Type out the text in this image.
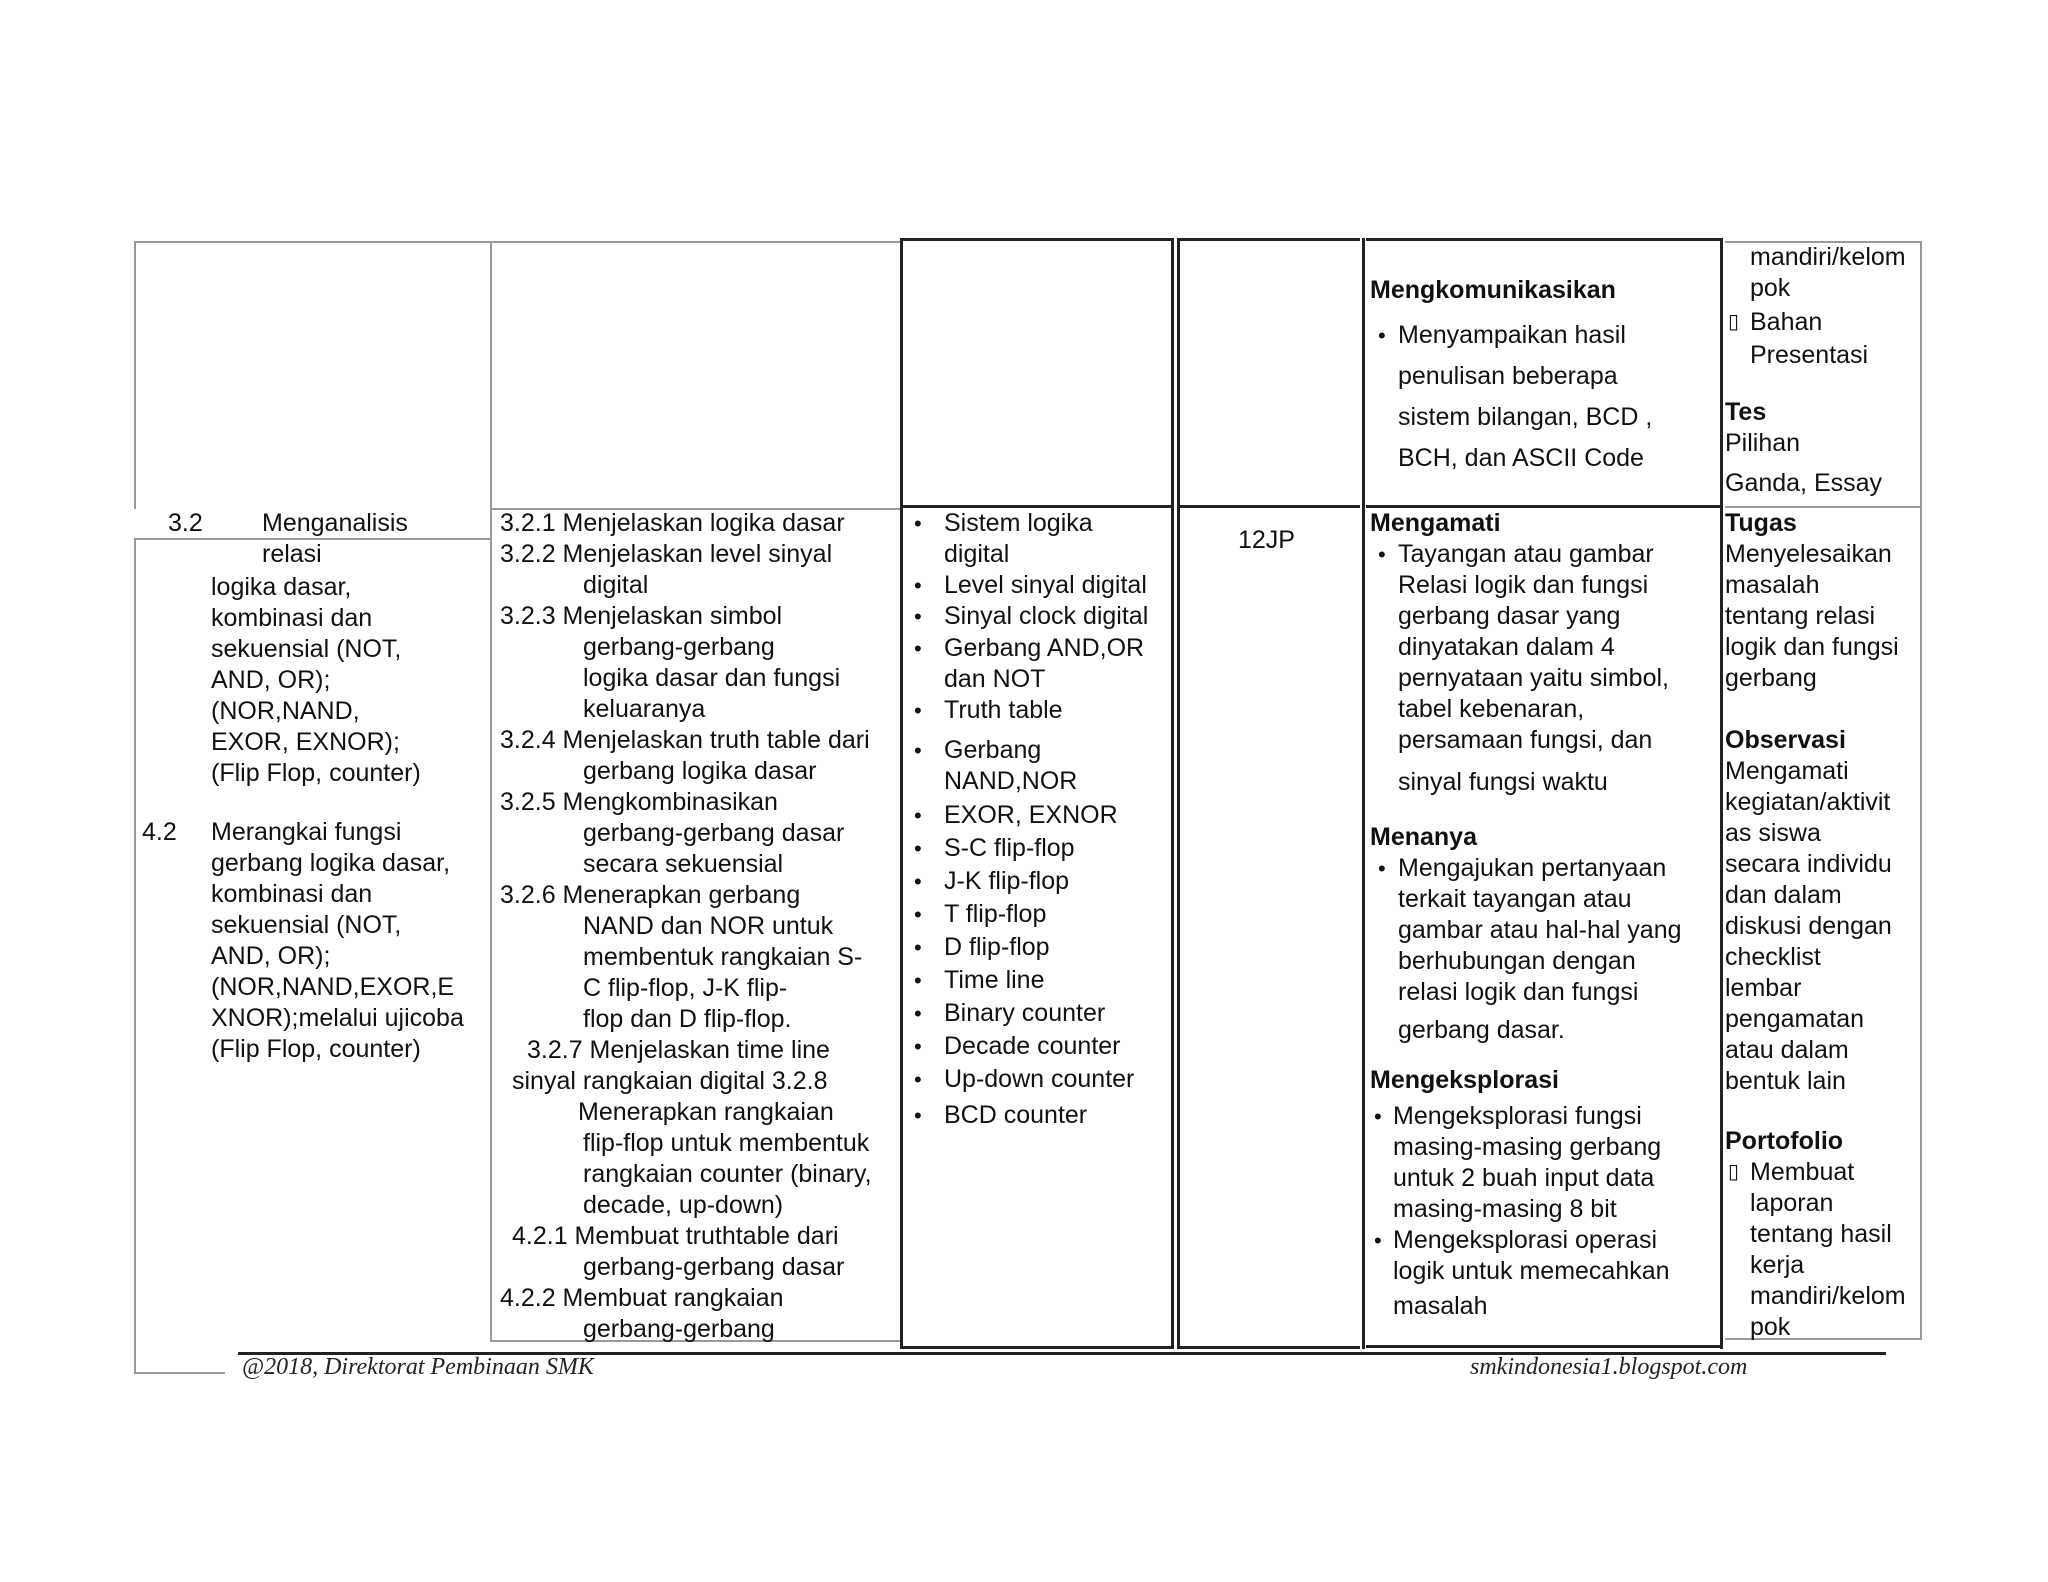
3.2 Menganalisis
relasi
logika dasar,
kombinasi dan
sekuensial (NOT,
AND, OR);
(NOR,NAND,
EXOR, EXNOR);
(Flip Flop, counter)
4.2 Merangkai fungsi
gerbang logika dasar,
kombinasi dan
sekuensial (NOT,
AND, OR);
(NOR,NAND,EXOR,E
XNOR);melalui ujicoba
(Flip Flop, counter)
3.2.1 Menjelaskan logika dasar
3.2.2 Menjelaskan level sinyal
digital
3.2.3 Menjelaskan simbol
gerbang-gerbang
logika dasar dan fungsi
keluaranya
3.2.4 Menjelaskan truth table dari
gerbang logika dasar
3.2.5 Mengkombinasikan
gerbang-gerbang dasar
secara sekuensial
3.2.6 Menerapkan gerbang
NAND dan NOR untuk
membentuk rangkaian S-
C flip-flop, J-K flip-
flop dan D flip-flop.
3.2.7 Menjelaskan time line
sinyal rangkaian digital 3.2.8
Menerapkan rangkaian
flip-flop untuk membentuk
rangkaian counter (binary,
decade, up-down)
4.2.1 Membuat truthtable dari
gerbang-gerbang dasar
4.2.2 Membuat rangkaian
gerbang-gerbang
• Sistem logika
digital
• Level sinyal digital
• Sinyal clock digital
• Gerbang AND,OR
dan NOT
• Truth table
• Gerbang
NAND,NOR
• EXOR, EXNOR
• S-C flip-flop
• J-K flip-flop
• T flip-flop
• D flip-flop
• Time line
• Binary counter
• Decade counter
• Up-down counter
• BCD counter
12JP
Mengkomunikasikan
• Menyampaikan hasil
penulisan beberapa
sistem bilangan, BCD ,
BCH, dan ASCII Code
Mengamati
• Tayangan atau gambar
Relasi logik dan fungsi
gerbang dasar yang
dinyatakan dalam 4
pernyataan yaitu simbol,
tabel kebenaran,
persamaan fungsi, dan
sinyal fungsi waktu
Menanya
• Mengajukan pertanyaan
terkait tayangan atau
gambar atau hal-hal yang
berhubungan dengan
relasi logik dan fungsi
gerbang dasar.
Mengeksplorasi
• Mengeksplorasi fungsi
masing-masing gerbang
untuk 2 buah input data
masing-masing 8 bit
• Mengeksplorasi operasi
logik untuk memecahkan
masalah
mandiri/kelom
pok
▯ Bahan
Presentasi
Tes
Pilihan
Ganda, Essay
Tugas
Menyelesaikan
masalah
tentang relasi
logik dan fungsi
gerbang
Observasi
Mengamati
kegiatan/aktivit
as siswa
secara individu
dan dalam
diskusi dengan
checklist
lembar
pengamatan
atau dalam
bentuk lain
Portofolio
▯ Membuat
laporan
tentang hasil
kerja
mandiri/kelom
pok
@2018, Direktorat Pembinaan SMK	smkindonesia1.blogspot.com
